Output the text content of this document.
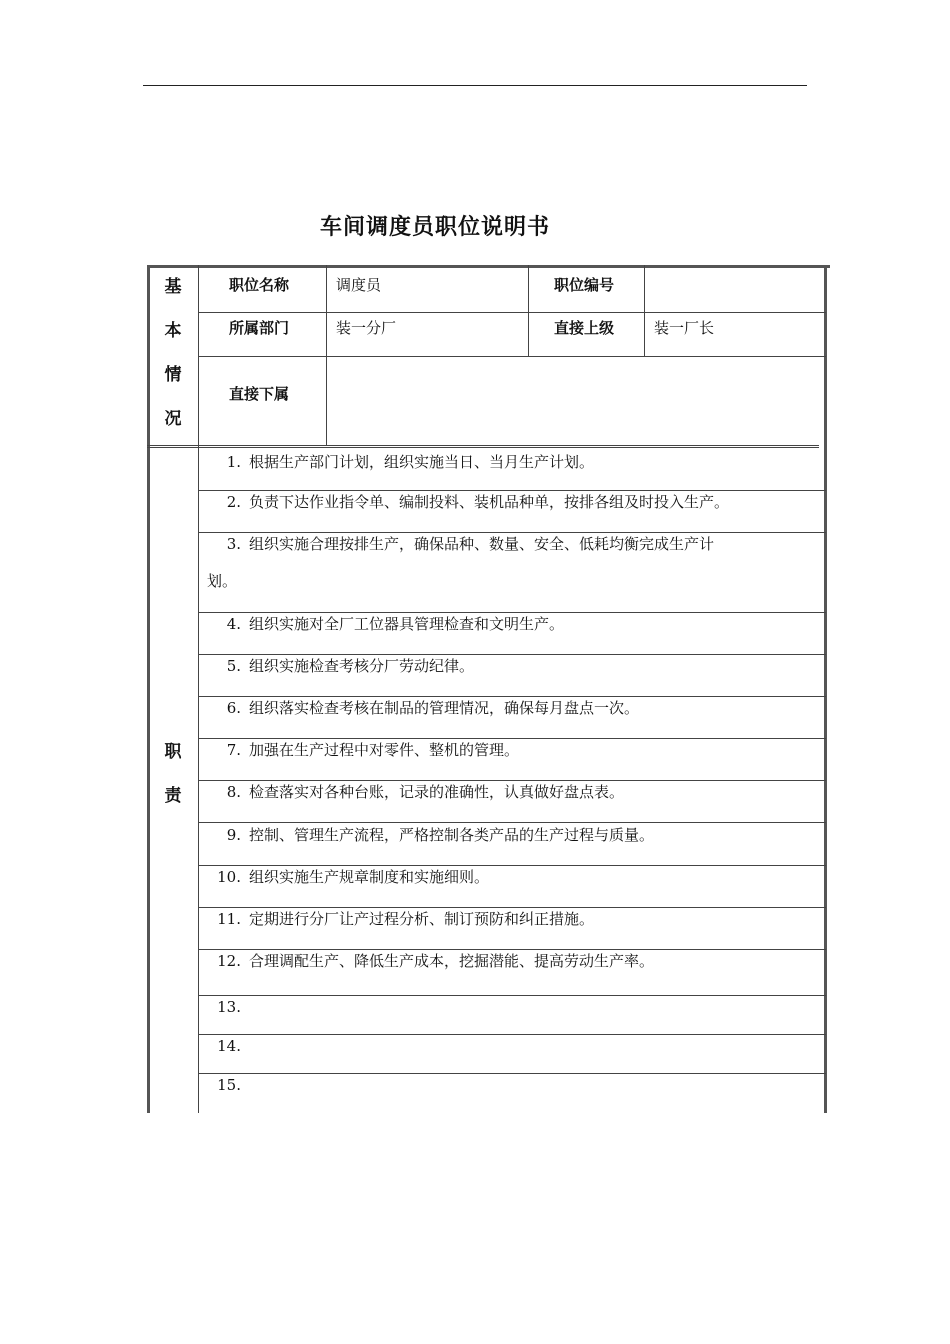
车间调度员职位说明书
基
本
情
况
职位名称	调度员	职位编号
所属部门	装一分厂	直接上级	装一厂长
直接下属
职
责
1. 根据生产部门计划，组织实施当日、当月生产计划。
2. 负责下达作业指令单、编制投料、装机品种单，按排各组及时投入生产。
3. 组织实施合理按排生产，确保品种、数量、安全、低耗均衡完成生产计
划。
4. 组织实施对全厂工位器具管理检查和文明生产。
5. 组织实施检查考核分厂劳动纪律。
6. 组织落实检查考核在制品的管理情况，确保每月盘点一次。
7. 加强在生产过程中对零件、整机的管理。
8. 检查落实对各种台账，记录的准确性，认真做好盘点表。
9. 控制、管理生产流程，严格控制各类产品的生产过程与质量。
10. 组织实施生产规章制度和实施细则。
11. 定期进行分厂让产过程分析、制订预防和纠正措施。
12. 合理调配生产、降低生产成本，挖掘潜能、提高劳动生产率。
13.
14.
15.
